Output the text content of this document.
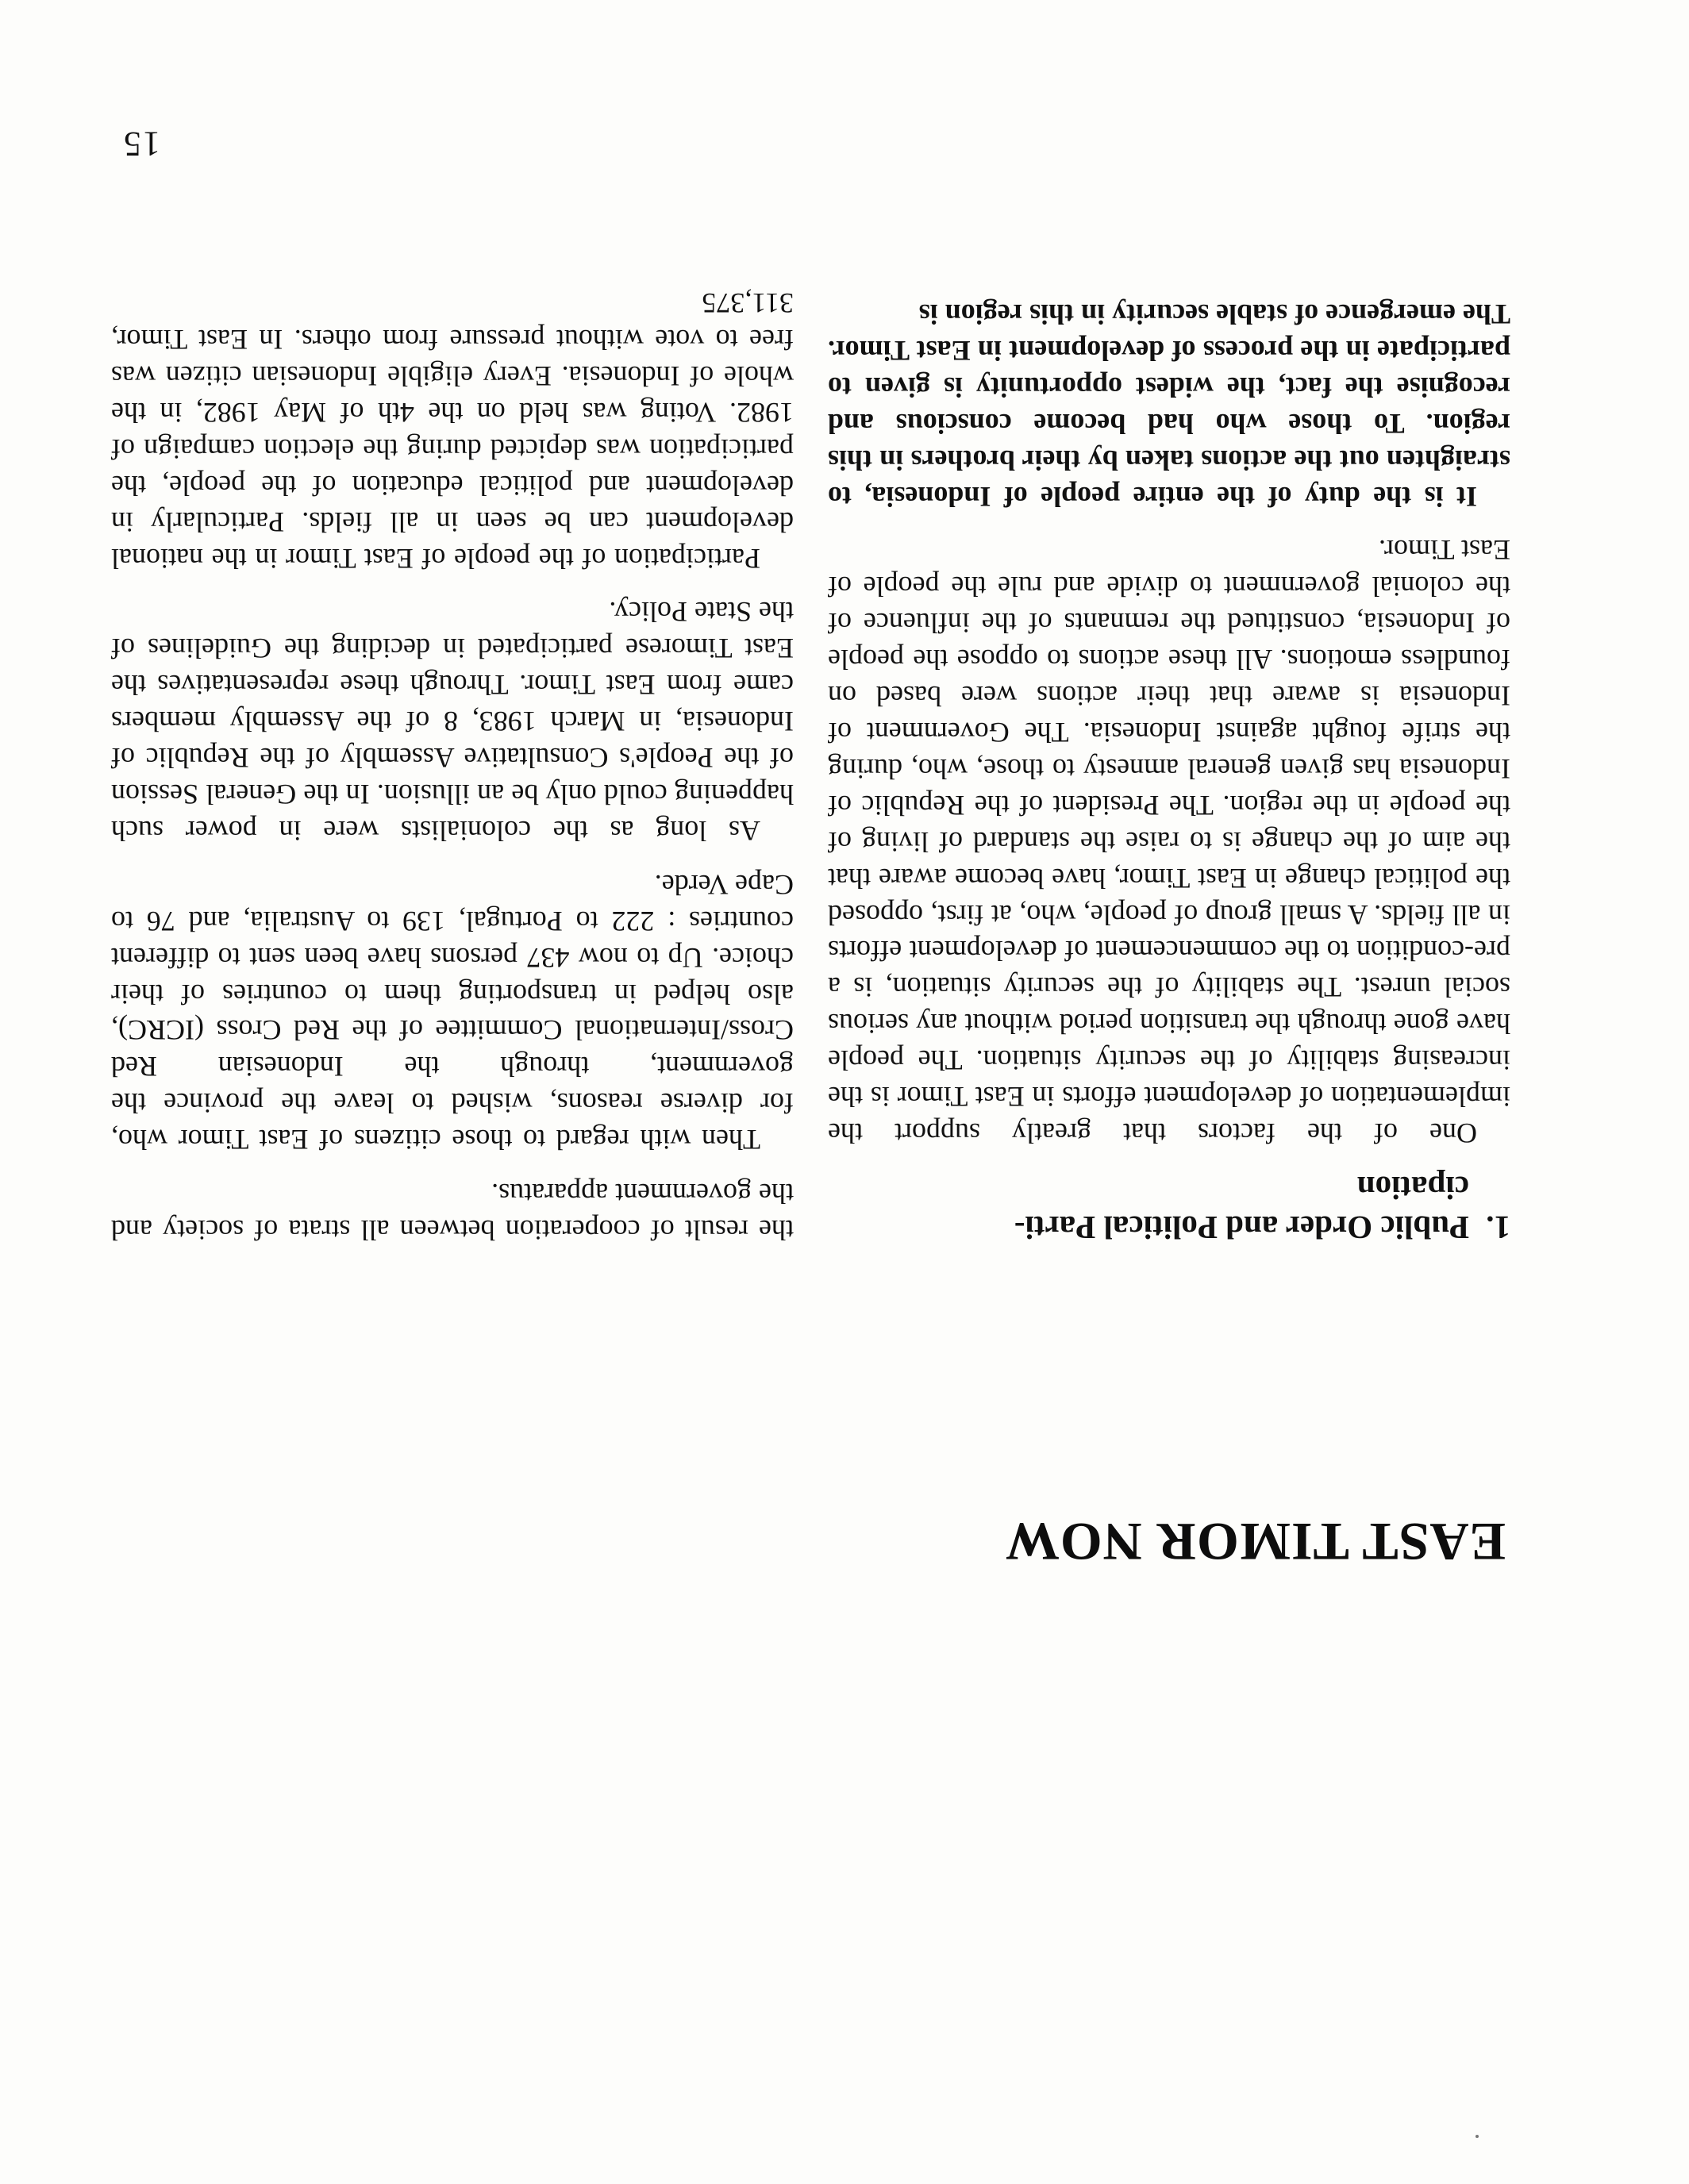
EAST TIMOR NOW
1.Public Order and Political Parti-
cipation

One of the factors that greatly support the implementation of development efforts in East Timor is the increasing stability of the security situation. The people have gone through the transition period without any serious social unrest. The stability of the security situation, is a pre-condition to the commencement of development efforts in all fields. A small group of people, who, at first, opposed the political change in East Timor, have become aware that the aim of the change is to raise the standard of living of the people in the region. The President of the Republic of Indonesia has given general amnesty to those, who, during the strife fought against Indonesia. The Government of Indonesia is aware that their actions were based on foundless emotions. All these actions to oppose the people of Indonesia, constitued the remnants of the influence of the colonial government to divide and rule the people of East Timor.

It is the duty of the entire people of Indonesia, to straighten out the actions taken by their brothers in this region. To those who had become conscious and recognise the fact, the widest opportunity is given to participate in the process of development in East Timor. The emergence of stable security in this region is

the result of cooperation between all strata of society and the government apparatus.

Then with regard to those citizens of East Timor who, for diverse reasons, wished to leave the province the government, through the Indonesian Red Cross/International Committee of the Red Cross (ICRC), also helped in transporting them to countries of their choice. Up to now 437 persons have been sent to different countries : 222 to Portugal, 139 to Australia, and 76 to Cape Verde.

As long as the colonialists were in power such happening could only be an illusion. In the General Session of the People's Consultative Assembly of the Republic of Indonesia, in March 1983, 8 of the Assembly members came from East Timor. Through these representatives the East Timorese participated in deciding the Guidelines of the State Policy.

Participation of the people of East Timor in the national development can be seen in all fields. Particularly in development and political education of the people, the participation was depicted during the election campaign of 1982. Voting was held on the 4th of May 1982, in the whole of Indonesia. Every eligible Indonesian citizen was free to vote without pressure from others. In East Timor, 311,375

15
